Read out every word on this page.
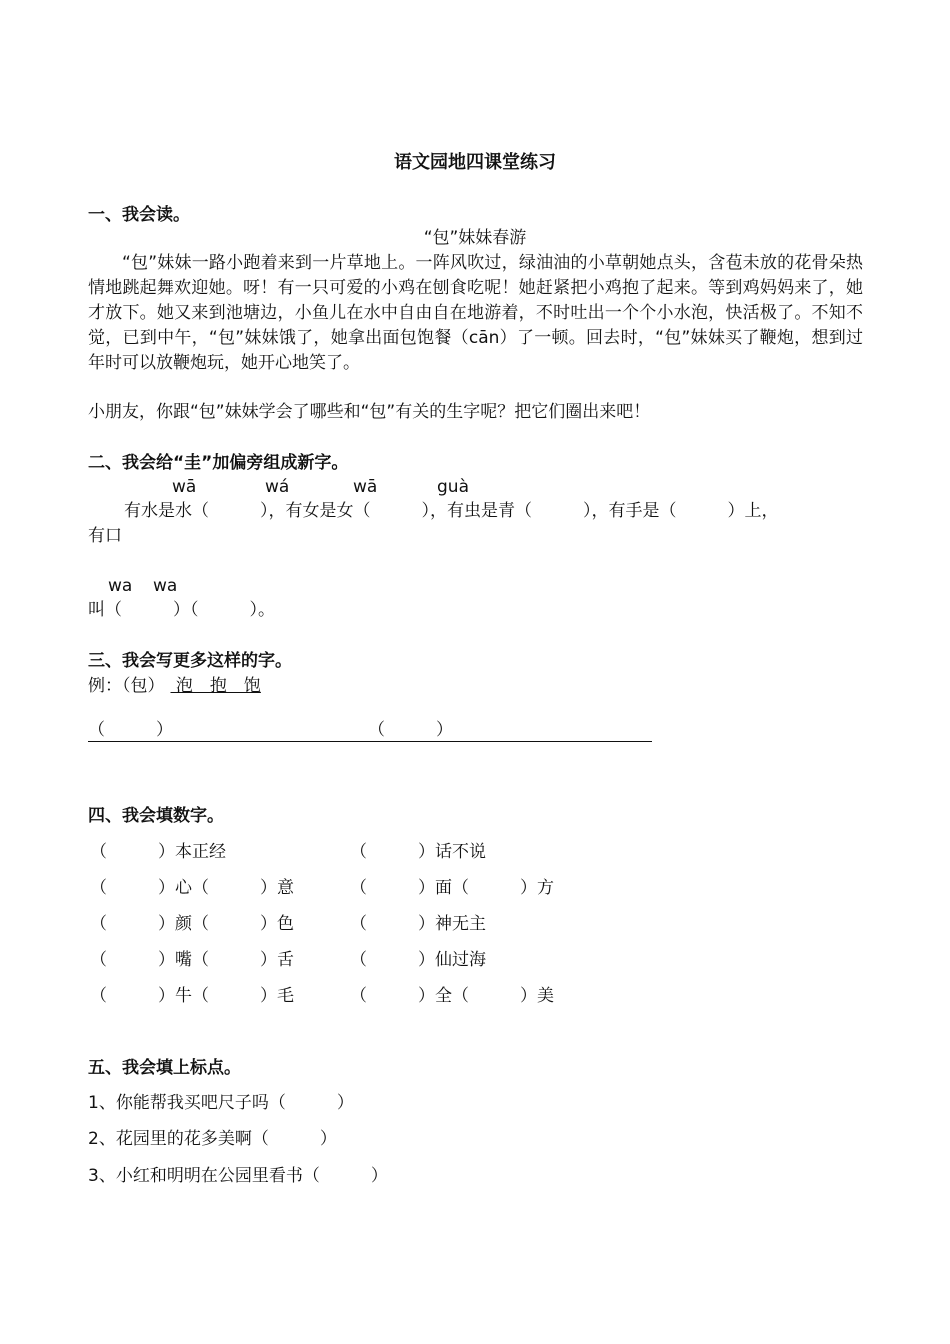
语文园地四课堂练习
一、我会读。
“包”妹妹春游
“包”妹妹一路小跑着来到一片草地上。一阵风吹过，绿油油的小草朝她点头，含苞未放的花骨朵热情地跳起舞欢迎她。呀！有一只可爱的小鸡在刨食吃呢！她赶紧把小鸡抱了起来。等到鸡妈妈来了，她才放下。她又来到池塘边，小鱼儿在水中自由自在地游着，不时吐出一个个小水泡，快活极了。不知不觉，已到中午，“包”妹妹饿了，她拿出面包饱餐（cān）了一顿。回去时，“包”妹妹买了鞭炮，想到过年时可以放鞭炮玩，她开心地笑了。
小朋友，你跟“包”妹妹学会了哪些和“包”有关的生字呢？把它们圈出来吧！
二、我会给“圭”加偏旁组成新字。
wā	wá	wā	guà
有水是水（　　　），有女是女（　　　），有虫是青（　　　），有手是（　　　）上，
有口
wa wa
叫（　　　）（　　　）。
三、我会写更多这样的字。
例：（包） 泡　抱　饱
（　　　）	（　　　）
四、我会填数字。
（　　　）本正经	（　　　）话不说
（　　　）心（　　　）意	（　　　）面（　　　）方
（　　　）颜（　　　）色	（　　　）神无主
（　　　）嘴（　　　）舌	（　　　）仙过海
（　　　）牛（　　　）毛	（　　　）全（　　　）美
五、我会填上标点。
1、你能帮我买吧尺子吗（　　　）
2、花园里的花多美啊（　　　）
3、小红和明明在公园里看书（　　　）
